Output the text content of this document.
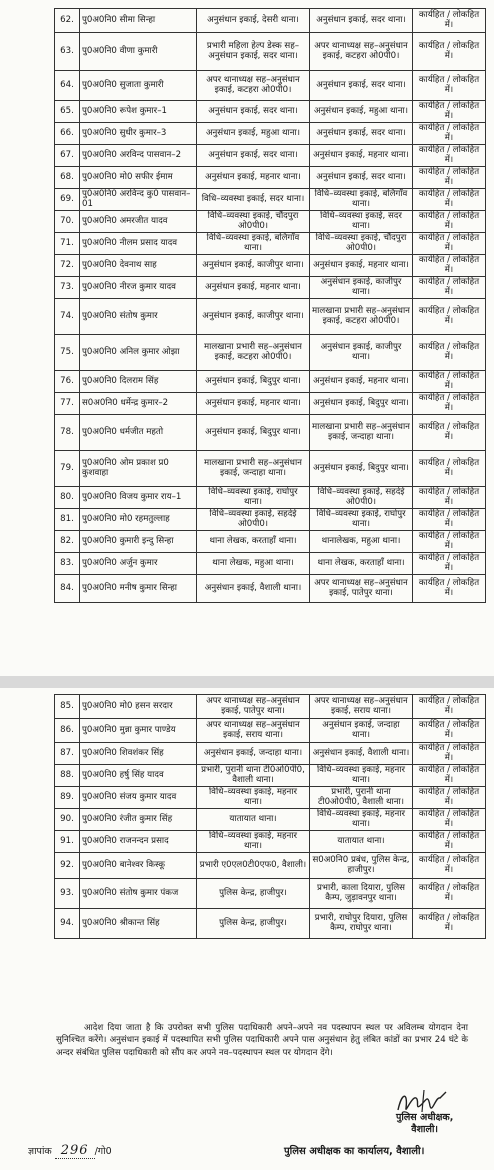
62.	पु0अ0नि0 सीमा सिन्हा	अनुसंधान इकाई, देसरी थाना।	अनुसंधान इकाई, सदर थाना।	कार्यहित / लोकहित में।
63.	पु0अ0नि0 वीणा कुमारी	प्रभारी महिला हेल्प डेस्क सह–अनुसंधान इकाई, सदर थाना।	अपर थानाध्यक्ष सह–अनुसंधान इकाई, कटहरा ओ0पी0।	कार्यहित / लोकहित में।
64.	पु0अ0नि0 सुजाता कुमारी	अपर थानाध्यक्ष सह–अनुसंधान इकाई, कटहरा ओ0पी0।	अनुसंधान इकाई, सदर थाना।	कार्यहित / लोकहित में।
65.	पु0अ0नि0 रूपेश कुमार–1	अनुसंधान इकाई, सदर थाना।	अनुसंधान इकाई, महुआ थाना।	कार्यहित / लोकहित में।
66.	पु0अ0नि0 सुधीर कुमार–3	अनुसंधान इकाई, महुआ थाना।	अनुसंधान इकाई, सदर थाना।	कार्यहित / लोकहित में।
67.	पु0अ0नि0 अरविन्द पासवान–2	अनुसंधान इकाई, सदर थाना।	अनुसंधान इकाई, महनार थाना।	कार्यहित / लोकहित में।
68.	पु0अ0नि0 मो0 सफीर ईमाम	अनुसंधान इकाई, महनार थाना।	अनुसंधान इकाई, सदर थाना।	कार्यहित / लोकहित में।
69.	पु0अ0नि0 अरविन्द कु0 पासवान–01	विधि–व्यवस्था इकाई, सदर थाना।	विधि–व्यवस्था इकाई, बलिगाँव थाना।	कार्यहित / लोकहित में।
70.	पु0अ0नि0 अमरजीत यादव	विधि–व्यवस्था इकाई, चौंदपुरा ओ0पी0।	विधि–व्यवस्था इकाई, सदर थाना।	कार्यहित / लोकहित में।
71.	पु0अ0नि0 नीलम प्रसाद यादव	विधि–व्यवस्था इकाई, बलिगाँव थाना।	विधि–व्यवस्था इकाई, चौंदपुरा ओ0पी0।	कार्यहित / लोकहित में।
72.	पु0अ0नि0 देवनाथ साह	अनुसंधान इकाई, काजीपुर थाना।	अनुसंधान इकाई, महनार थाना।	कार्यहित / लोकहित में।
73.	पु0अ0नि0 नीरज कुमार यादव	अनुसंधान इकाई, महनार थाना।	अनुसंधान इकाई, काजीपुर थाना।	कार्यहित / लोकहित में।
74.	पु0अ0नि0 संतोष कुमार	अनुसंधान इकाई, काजीपुर थाना।	मालखाना प्रभारी सह–अनुसंधान इकाई, कटहरा ओ0पी0।	कार्यहित / लोकहित में।
75.	पु0अ0नि0 अनिल कुमार ओझा	मालखाना प्रभारी सह–अनुसंधान इकाई, कटहरा ओ0पी0।	अनुसंधान इकाई, काजीपुर थाना।	कार्यहित / लोकहित में।
76.	पु0अ0नि0 दिलराम सिंह	अनुसंधान इकाई, बिदुपुर थाना।	अनुसंधान इकाई, महनार थाना।	कार्यहित / लोकहित में।
77.	स0अ0नि0 धर्मेन्द्र कुमार–2	अनुसंधान इकाई, महनार थाना।	अनुसंधान इकाई, बिदुपुर थाना।	कार्यहित / लोकहित में।
78.	पु0अ0नि0 धर्मजीत महतो	अनुसंधान इकाई, बिदुपुर थाना।	मालखाना प्रभारी सह–अनुसंधान इकाई, जन्दाहा थाना।	कार्यहित / लोकहित में।
79.	पु0अ0नि0 ओम प्रकाश प्र0 कुशवाहा	मालखाना प्रभारी सह–अनुसंधान इकाई, जन्दाहा थाना।	अनुसंधान इकाई, बिदुपुर थाना।	कार्यहित / लोकहित में।
80.	पु0अ0नि0 विजय कुमार राय–1	विधि–व्यवस्था इकाई, राघोपुर थाना।	विधि–व्यवस्था इकाई, सहदेई ओ0पी0।	कार्यहित / लोकहित में।
81.	पु0अ0नि0 मो0 रहमतुल्लाह	विधि–व्यवस्था इकाई, सहदेई ओ0पी0।	विधि–व्यवस्था इकाई, राघोपुर थाना।	कार्यहित / लोकहित में।
82.	पु0अ0नि0 कुमारी इन्दु सिन्हा	थाना लेखक, करताहाँ थाना।	थानालेखक, महुआ थाना।	कार्यहित / लोकहित में।
83.	पु0अ0नि0 अर्जुन कुमार	थाना लेखक, महुआ थाना।	थाना लेखक, करताहाँ थाना।	कार्यहित / लोकहित में।
84.	पु0अ0नि0 मनीष कुमार सिन्हा	अनुसंधान इकाई, वैशाली थाना।	अपर थानाध्यक्ष सह–अनुसंधान इकाई, पातेपुर थाना।	कार्यहित / लोकहित में।
85.	पु0अ0नि0 मो0 हसन सरदार	अपर थानाध्यक्ष सह–अनुसंधान इकाई, पातेपुर थाना।	अपर थानाध्यक्ष सह–अनुसंधान इकाई, सराय थाना।	कार्यहित / लोकहित में।
86.	पु0अ0नि0 मुन्ना कुमार पाण्डेय	अपर थानाध्यक्ष सह–अनुसंधान इकाई, सराय थाना।	अनुसंधान इकाई, जन्दाहा थाना।	कार्यहित / लोकहित में।
87.	पु0अ0नि0 शिवशंकर सिंह	अनुसंधान इकाई, जन्दाहा थाना।	अनुसंधान इकाई, वैशाली थाना।	कार्यहित / लोकहित में।
88.	पु0अ0नि0 हर्षु सिंह यादव	प्रभारी, पुरानी थाना टी0ओ0पी0, वैशाली थाना।	विधि–व्यवस्था इकाई, महनार थाना।	कार्यहित / लोकहित में।
89.	पु0अ0नि0 संजय कुमार यादव	विधि–व्यवस्था इकाई, महनार थाना।	प्रभारी, पुरानी थाना टी0ओ0पी0, वैशाली थाना।	कार्यहित / लोकहित में।
90.	पु0अ0नि0 रंजीत कुमार सिंह	यातायात थाना।	विधि–व्यवस्था इकाई, महनार थाना।	कार्यहित / लोकहित में।
91.	पु0अ0नि0 राजनन्दन प्रसाद	विधि–व्यवस्था इकाई, महनार थाना।	यातायात थाना।	कार्यहित / लोकहित में।
92.	पु0अ0नि0 बानेश्वर किस्कू	प्रभारी ए0एल0टी0एफ0, वैशाली।	स0अ0नि0 प्रबंध, पुलिस केन्द्र, हाजीपुर।	कार्यहित / लोकहित में।
93.	पु0अ0नि0 संतोष कुमार पंकज	पुलिस केन्द्र, हाजीपुर।	प्रभारी, काला दियारा, पुलिस कैम्प, जुड़ावनपुर थाना।	कार्यहित / लोकहित में।
94.	पु0अ0नि0 श्रीकान्त सिंह	पुलिस केन्द्र, हाजीपुर।	प्रभारी, राघोपुर दियारा, पुलिस कैम्प, राघोपुर थाना।	कार्यहित / लोकहित में।

आदेश दिया जाता है कि उपरोक्त सभी पुलिस पदाधिकारी अपने–अपने नव पदस्थापन स्थल पर अविलम्ब योगदान देना सुनिश्चित करेंगे। अनुसंधान इकाई में पदस्थापित सभी पुलिस पदाधिकारी अपने पास अनुसंधान हेतु लंबित कांडों का प्रभार 24 घंटे के अन्दर संबंधित पुलिस पदाधिकारी को सौंप कर अपने नव–पदस्थापन स्थल पर योगदान देंगे।

पुलिस अधीक्षक,
वैशाली।
ज्ञापांक 296 /गो0	पुलिस अधीक्षक का कार्यालय, वैशाली।
